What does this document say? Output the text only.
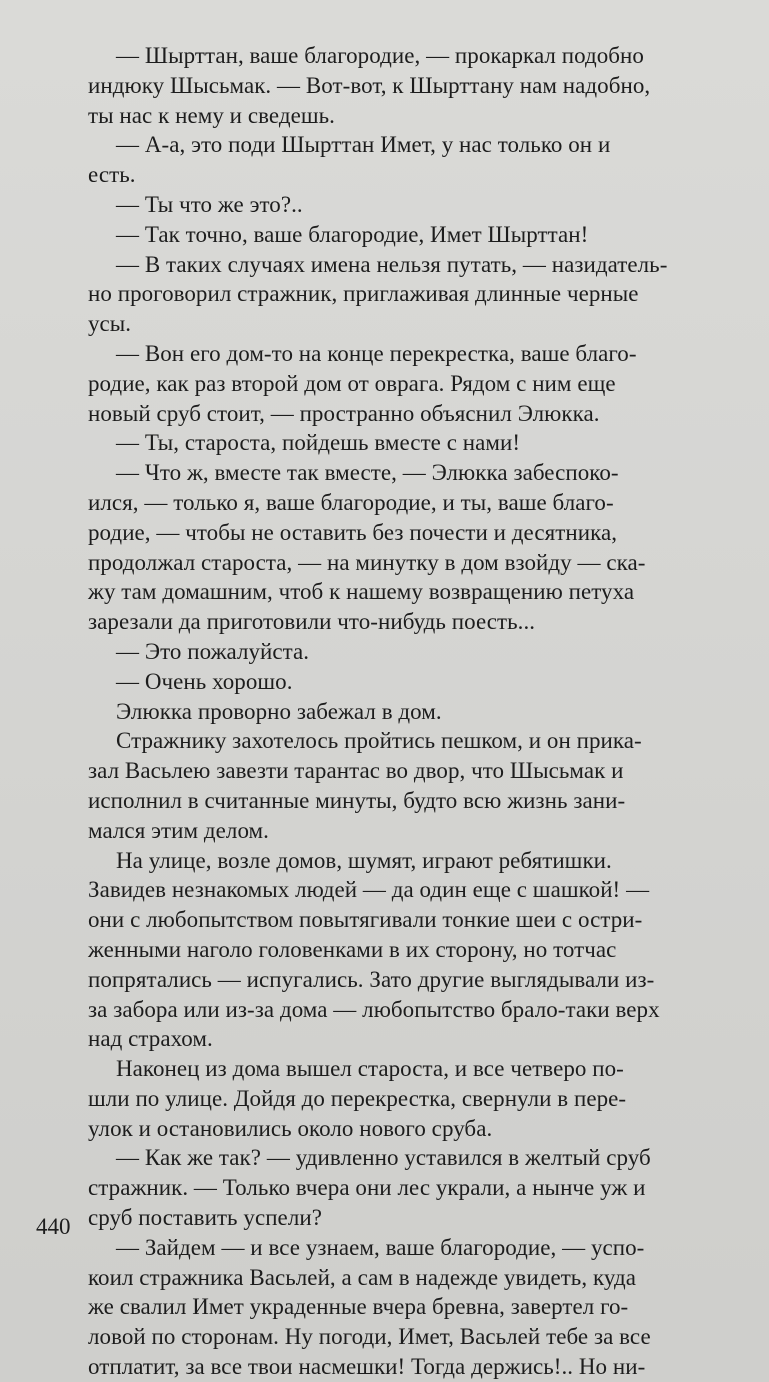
— Шырттан, ваше благородие, — прокаркал подобно
индюку Шысьмак. — Вот-вот, к Шырттану нам надобно,
ты нас к нему и сведешь.
— А-а, это поди Шырттан Имет, у нас только он и
есть.
— Ты что же это?..
— Так точно, ваше благородие, Имет Шырттан!
— В таких случаях имена нельзя путать, — назидатель-
но проговорил стражник, приглаживая длинные черные
усы.
— Вон его дом-то на конце перекрестка, ваше благо-
родие, как раз второй дом от оврага. Рядом с ним еще
новый сруб стоит, — пространно объяснил Элюкка.
— Ты, староста, пойдешь вместе с нами!
— Что ж, вместе так вместе, — Элюкка забеспоко-
ился, — только я, ваше благородие, и ты, ваше благо-
родие, — чтобы не оставить без почести и десятника,
продолжал староста, — на минутку в дом взойду — ска-
жу там домашним, чтоб к нашему возвращению петуха
зарезали да приготовили что-нибудь поесть...
— Это пожалуйста.
— Очень хорошо.
Элюкка проворно забежал в дом.
Стражнику захотелось пройтись пешком, и он прика-
зал Васьлею завезти тарантас во двор, что Шысьмак и
исполнил в считанные минуты, будто всю жизнь зани-
мался этим делом.
На улице, возле домов, шумят, играют ребятишки.
Завидев незнакомых людей — да один еще с шашкой! —
они с любопытством повытягивали тонкие шеи с остри-
женными наголо головенками в их сторону, но тотчас
попрятались — испугались. Зато другие выглядывали из-
за забора или из-за дома — любопытство брало-таки верх
над страхом.
Наконец из дома вышел староста, и все четверо по-
шли по улице. Дойдя до перекрестка, свернули в пере-
улок и остановились около нового сруба.
— Как же так? — удивленно уставился в желтый сруб
стражник. — Только вчера они лес украли, а нынче уж и
сруб поставить успели?
— Зайдем — и все узнаем, ваше благородие, — успо-
коил стражника Васьлей, а сам в надежде увидеть, куда
же свалил Имет украденные вчера бревна, завертел го-
ловой по сторонам. Ну погоди, Имет, Васьлей тебе за все
отплатит, за все твои насмешки! Тогда держись!.. Но ни-
440
